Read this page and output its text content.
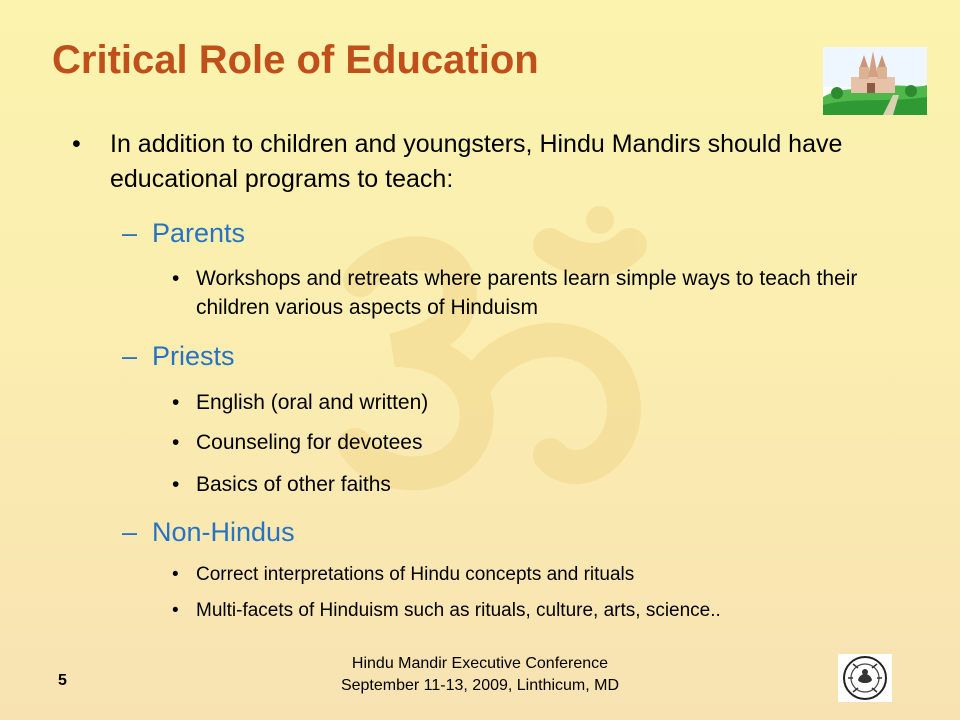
Critical Role of Education
• In addition to children and youngsters, Hindu Mandirs should have educational programs to teach:
– Parents
• Workshops and retreats where parents learn simple ways to teach their children various aspects of Hinduism
– Priests
• English (oral and written)
• Counseling for devotees
• Basics of other faiths
– Non-Hindus
• Correct interpretations of Hindu concepts and rituals
• Multi-facets of Hinduism such as rituals, culture, arts, science..
Hindu Mandir Executive Conference
September 11-13, 2009, Linthicum, MD
5
